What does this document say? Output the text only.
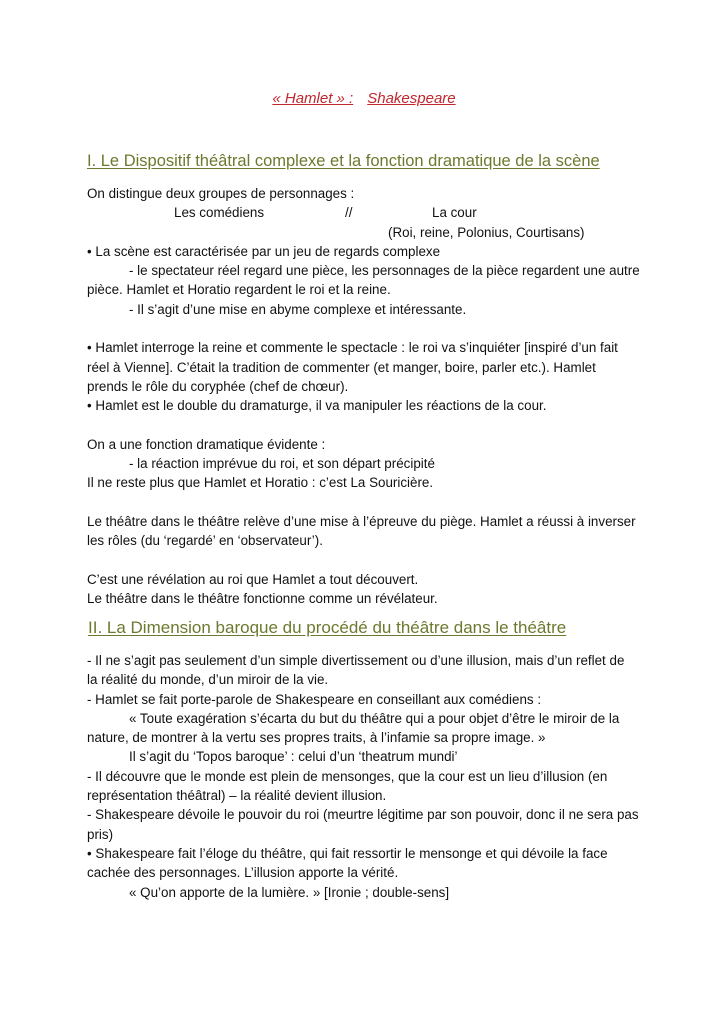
« Hamlet » : Shakespeare
I. Le Dispositif théâtral complexe et la fonction dramatique de la scène

On distingue deux groupes de personnages :

Les comédiens	//	La cour

(Roi, reine, Polonius, Courtisans)

• La scène est caractérisée par un jeu de regards complexe

- le spectateur réel regard une pièce, les personnages de la pièce regardent une autre

pièce. Hamlet et Horatio regardent le roi et la reine.

- Il s’agit d’une mise en abyme complexe et intéressante.

• Hamlet interroge la reine et commente le spectacle : le roi va s’inquiéter [inspiré d’un fait

réel à Vienne]. C’était la tradition de commenter (et manger, boire, parler etc.). Hamlet

prends le rôle du coryphée (chef de chœur).

• Hamlet est le double du dramaturge, il va manipuler les réactions de la cour.

On a une fonction dramatique évidente :

- la réaction imprévue du roi, et son départ précipité

Il ne reste plus que Hamlet et Horatio : c’est La Souricière.

Le théâtre dans le théâtre relève d’une mise à l’épreuve du piège. Hamlet a réussi à inverser

les rôles (du ‘regardé’ en ‘observateur’).

C’est une révélation au roi que Hamlet a tout découvert.

Le théâtre dans le théâtre fonctionne comme un révélateur.

II. La Dimension baroque du procédé du théâtre dans le théâtre

- Il ne s’agit pas seulement d’un simple divertissement ou d’une illusion, mais d’un reflet de

la réalité du monde, d’un miroir de la vie.

- Hamlet se fait porte-parole de Shakespeare en conseillant aux comédiens :

« Toute exagération s’écarta du but du théâtre qui a pour objet d’être le miroir de la

nature, de montrer à la vertu ses propres traits, à l’infamie sa propre image. »

Il s’agit du ‘Topos baroque’ : celui d’un ‘theatrum mundi’

- Il découvre que le monde est plein de mensonges, que la cour est un lieu d’illusion (en

représentation théâtral) – la réalité devient illusion.

- Shakespeare dévoile le pouvoir du roi (meurtre légitime par son pouvoir, donc il ne sera pas

pris)

• Shakespeare fait l’éloge du théâtre, qui fait ressortir le mensonge et qui dévoile la face

cachée des personnages. L’illusion apporte la vérité.

« Qu’on apporte de la lumière. » [Ironie ; double-sens]
